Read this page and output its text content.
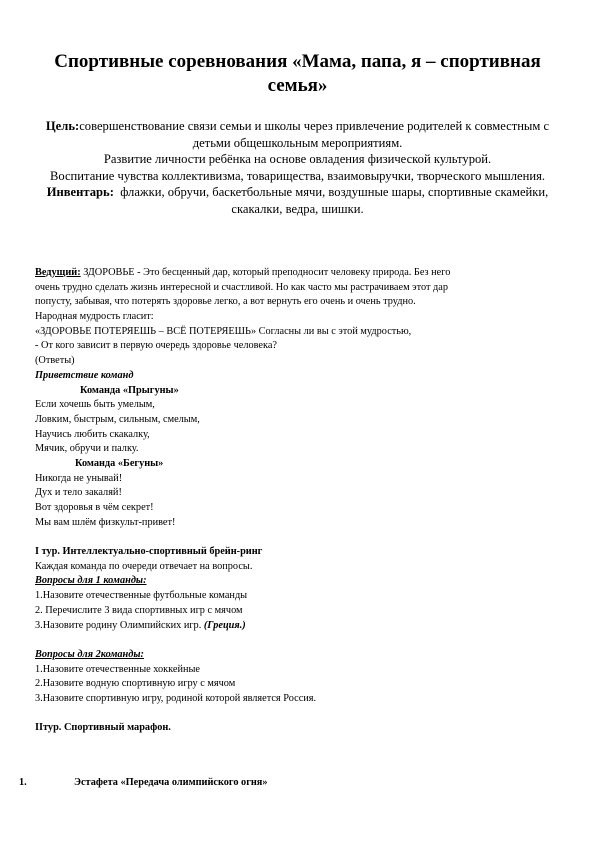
Спортивные соревнования «Мама, папа, я – спортивная семья»
Цель:совершенствование связи семьи и школы через привлечение родителей к совместным с детьми общешкольным мероприятиям.
Развитие личности ребёнка на основе овладения физической культурой.
Воспитание чувства коллективизма, товарищества, взаимовыручки, творческого мышления.
Инвентарь: флажки, обручи, баскетбольные мячи, воздушные шары, спортивные скамейки, скакалки, ведра, шишки.
Ведущий: ЗДОРОВЬЕ - Это бесценный дар, который преподносит человеку природа. Без него
очень трудно сделать жизнь интересной и счастливой. Но как часто мы растрачиваем этот дар
попусту, забывая, что потерять здоровье легко, а вот вернуть его очень и очень трудно.
Народная мудрость гласит:
«ЗДОРОВЬЕ ПОТЕРЯЕШЬ – ВСЁ ПОТЕРЯЕШЬ» Согласны ли вы с этой мудростью,
- От кого зависит в первую очередь здоровье человека?
(Ответы)
Приветствие команд
Команда «Прыгуны»
Если хочешь быть умелым,
Ловким, быстрым, сильным, смелым,
Научись любить скакалку,
Мячик, обручи и палку.
Команда «Бегуны»
Никогда не унывай!
Дух и тело закаляй!
Вот здоровья в чём секрет!
Мы вам шлём физкульт-привет!
I тур. Интеллектуально-спортивный брейн-ринг
Каждая команда по очереди отвечает на вопросы.
Вопросы для 1 команды:
1.Назовите отечественные футбольные команды
2. Перечислите 3 вида спортивных игр с мячом
3.Назовите родину Олимпийских игр. (Греция.)
Вопросы для 2команды:
1.Назовите отечественные хоккейные
2.Назовите водную спортивную игру с мячом
3.Назовите спортивную игру, родиной которой является Россия.
IIтур. Спортивный марафон.
1.	Эстафета «Передача олимпийского огня»
